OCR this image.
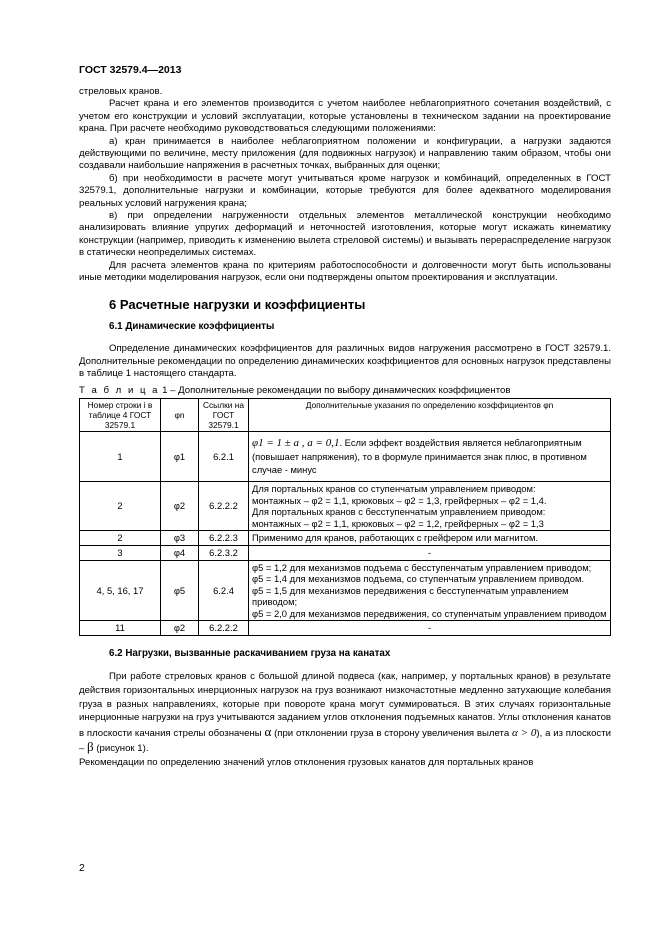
ГОСТ 32579.4—2013

стреловых кранов.

Расчет крана и его элементов производится с учетом наиболее неблагоприятного сочетания воздействий, с учетом его конструкции и условий эксплуатации, которые установлены в техническом задании на проектирование крана. При расчете необходимо руководствоваться следующими положениями:

а) кран принимается в наиболее неблагоприятном положении и конфигурации, а нагрузки задаются действующими по величине, месту приложения (для подвижных нагрузок) и направлению таким образом, чтобы они создавали наибольшие напряжения в расчетных точках, выбранных для оценки;

б) при необходимости в расчете могут учитываться кроме нагрузок и комбинаций, определенных в ГОСТ 32579.1, дополнительные нагрузки и комбинации, которые требуются для более адекватного моделирования реальных условий нагружения крана;

в) при определении нагруженности отдельных элементов металлической конструкции необходимо анализировать влияние упругих деформаций и неточностей изготовления, которые могут искажать кинематику конструкции (например, приводить к изменению вылета стреловой системы) и вызывать перераспределение нагрузок в статически неопределимых системах.

Для расчета элементов крана по критериям работоспособности и долговечности могут быть использованы иные методики моделирования нагрузок, если они подтверждены опытом проектирования и эксплуатации.

6 Расчетные нагрузки и коэффициенты
6.1 Динамические коэффициенты

Определение динамических коэффициентов для различных видов нагружения рассмотрено в ГОСТ 32579.1. Дополнительные рекомендации по определению динамических коэффициентов для основных нагрузок представлены в таблице 1 настоящего стандарта.

Т а б л и ц а 1 – Дополнительные рекомендации по выбору динамических коэффициентов
Номер строки i в таблице 4 ГОСТ 32579.1	φn	Ссылки на ГОСТ 32579.1	Дополнительные указания по определению коэффициентов φn
1	φ1	6.2.1	φ1 = 1 ± a , a = 0,1. Если эффект воздействия является неблагоприятным (повышает напряжения), то в формуле принимается знак плюс, в противном случае - минус
2	φ2	6.2.2.2	Для портальных кранов со ступенчатым управлением приводом:
монтажных – φ2 = 1,1, крюковых – φ2 = 1,3, грейферных – φ2 = 1,4.
Для портальных кранов с бесступенчатым управлением приводом:
монтажных – φ2 = 1,1, крюковых – φ2 = 1,2, грейферных – φ2 = 1,3

2	φ3	6.2.2.3	Применимо для кранов, работающих с грейфером или магнитом.
3	φ4	6.2.3.2	-
4, 5, 16, 17	φ5	6.2.4	φ5 = 1,2 для механизмов подъема с бесступенчатым управлением приводом;
φ5 = 1,4 для механизмов подъема, со ступенчатым управлением приводом.
φ5 = 1,5 для механизмов передвижения с бесступенчатым управлением приводом;
φ5 = 2,0 для механизмов передвижения, со ступенчатым управлением приводом

11	φ2	6.2.2.2	-
6.2 Нагрузки, вызванные раскачиванием груза на канатах

При работе стреловых кранов с большой длиной подвеса (как, например, у портальных кранов) в результате действия горизонтальных инерционных нагрузок на груз возникают низкочастотные медленно затухающие колебания груза в разных направлениях, которые при повороте крана могут суммироваться. В этих случаях горизонтальные инерционные нагрузки на груз учитываются заданием углов отклонения подъемных канатов. Углы отклонения канатов в плоскости качания стрелы обозначены α (при отклонении груза в сторону увеличения вылета α > 0), а из плоскости – β (рисунок 1).

Рекомендации по определению значений углов отклонения грузовых канатов для портальных кранов

2
